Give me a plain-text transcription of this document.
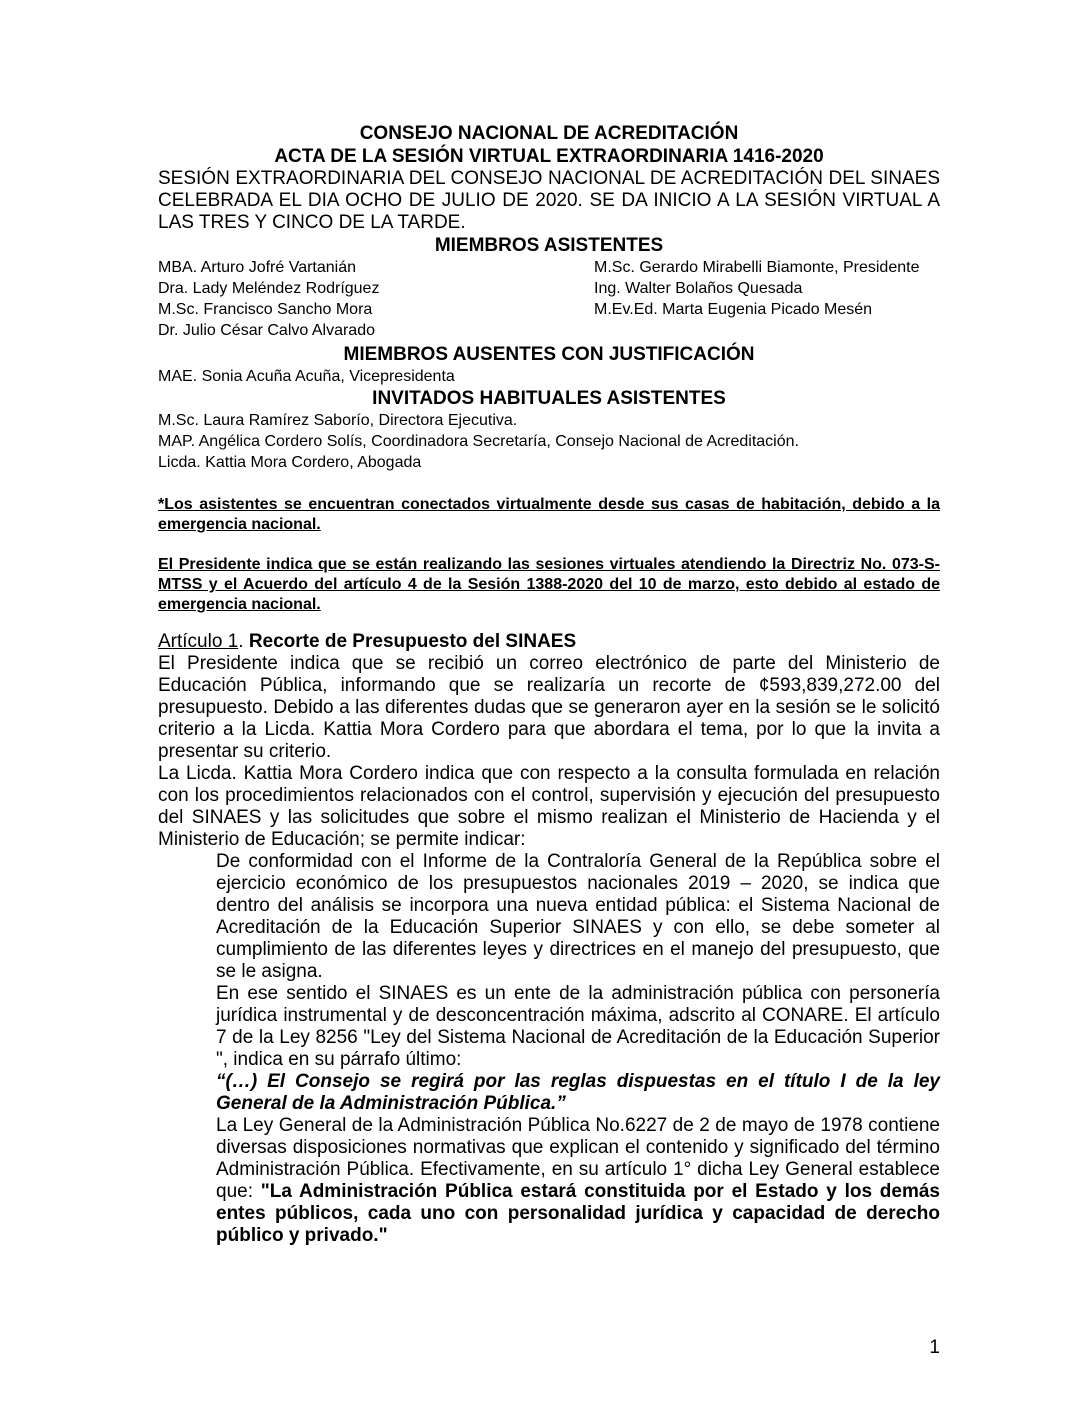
CONSEJO NACIONAL DE ACREDITACIÓN
ACTA DE LA SESIÓN VIRTUAL EXTRAORDINARIA 1416-2020
SESIÓN EXTRAORDINARIA DEL CONSEJO NACIONAL DE ACREDITACIÓN DEL SINAES CELEBRADA EL DIA OCHO DE JULIO DE 2020. SE DA INICIO A LA SESIÓN VIRTUAL A LAS TRES Y CINCO DE LA TARDE.
MIEMBROS ASISTENTES
MBA. Arturo Jofré Vartanián	M.Sc. Gerardo Mirabelli Biamonte, Presidente
Dra. Lady Meléndez Rodríguez	Ing. Walter Bolaños Quesada
M.Sc. Francisco Sancho Mora	M.Ev.Ed. Marta Eugenia Picado Mesén
Dr. Julio César Calvo Alvarado
MIEMBROS AUSENTES CON JUSTIFICACIÓN
MAE. Sonia Acuña Acuña, Vicepresidenta
INVITADOS HABITUALES ASISTENTES
M.Sc. Laura Ramírez Saborío, Directora Ejecutiva.
MAP. Angélica Cordero Solís, Coordinadora Secretaría, Consejo Nacional de Acreditación.
Licda. Kattia Mora Cordero, Abogada
*Los asistentes se encuentran conectados virtualmente desde sus casas de habitación, debido a la emergencia nacional.
El Presidente indica que se están realizando las sesiones virtuales atendiendo la Directriz No. 073-S-MTSS y el Acuerdo del artículo 4 de la Sesión 1388-2020 del 10 de marzo, esto debido al estado de emergencia nacional.
Artículo 1. Recorte de Presupuesto del SINAES
El Presidente indica que se recibió un correo electrónico de parte del Ministerio de Educación Pública, informando que se realizaría un recorte de ¢593,839,272.00 del presupuesto. Debido a las diferentes dudas que se generaron ayer en la sesión se le solicitó criterio a la Licda. Kattia Mora Cordero para que abordara el tema, por lo que la invita a presentar su criterio.
La Licda. Kattia Mora Cordero indica que con respecto a la consulta formulada en relación con los procedimientos relacionados con el control, supervisión y ejecución del presupuesto del SINAES y las solicitudes que sobre el mismo realizan el Ministerio de Hacienda y el Ministerio de Educación; se permite indicar:
De conformidad con el Informe de la Contraloría General de la República sobre el ejercicio económico de los presupuestos nacionales 2019 – 2020, se indica que dentro del análisis se incorpora una nueva entidad pública: el Sistema Nacional de Acreditación de la Educación Superior SINAES y con ello, se debe someter al cumplimiento de las diferentes leyes y directrices en el manejo del presupuesto, que se le asigna.
En ese sentido el SINAES es un ente de la administración pública con personería jurídica instrumental y de desconcentración máxima, adscrito al CONARE. El artículo 7 de la Ley 8256 "Ley del Sistema Nacional de Acreditación de la Educación Superior ", indica en su párrafo último:
“(…) El Consejo se regirá por las reglas dispuestas en el título I de la ley General de la Administración Pública.”
La Ley General de la Administración Pública No.6227 de 2 de mayo de 1978 contiene diversas disposiciones normativas que explican el contenido y significado del término Administración Pública. Efectivamente, en su artículo 1° dicha Ley General establece que: "La Administración Pública estará constituida por el Estado y los demás entes públicos, cada uno con personalidad jurídica y capacidad de derecho público y privado."
1
